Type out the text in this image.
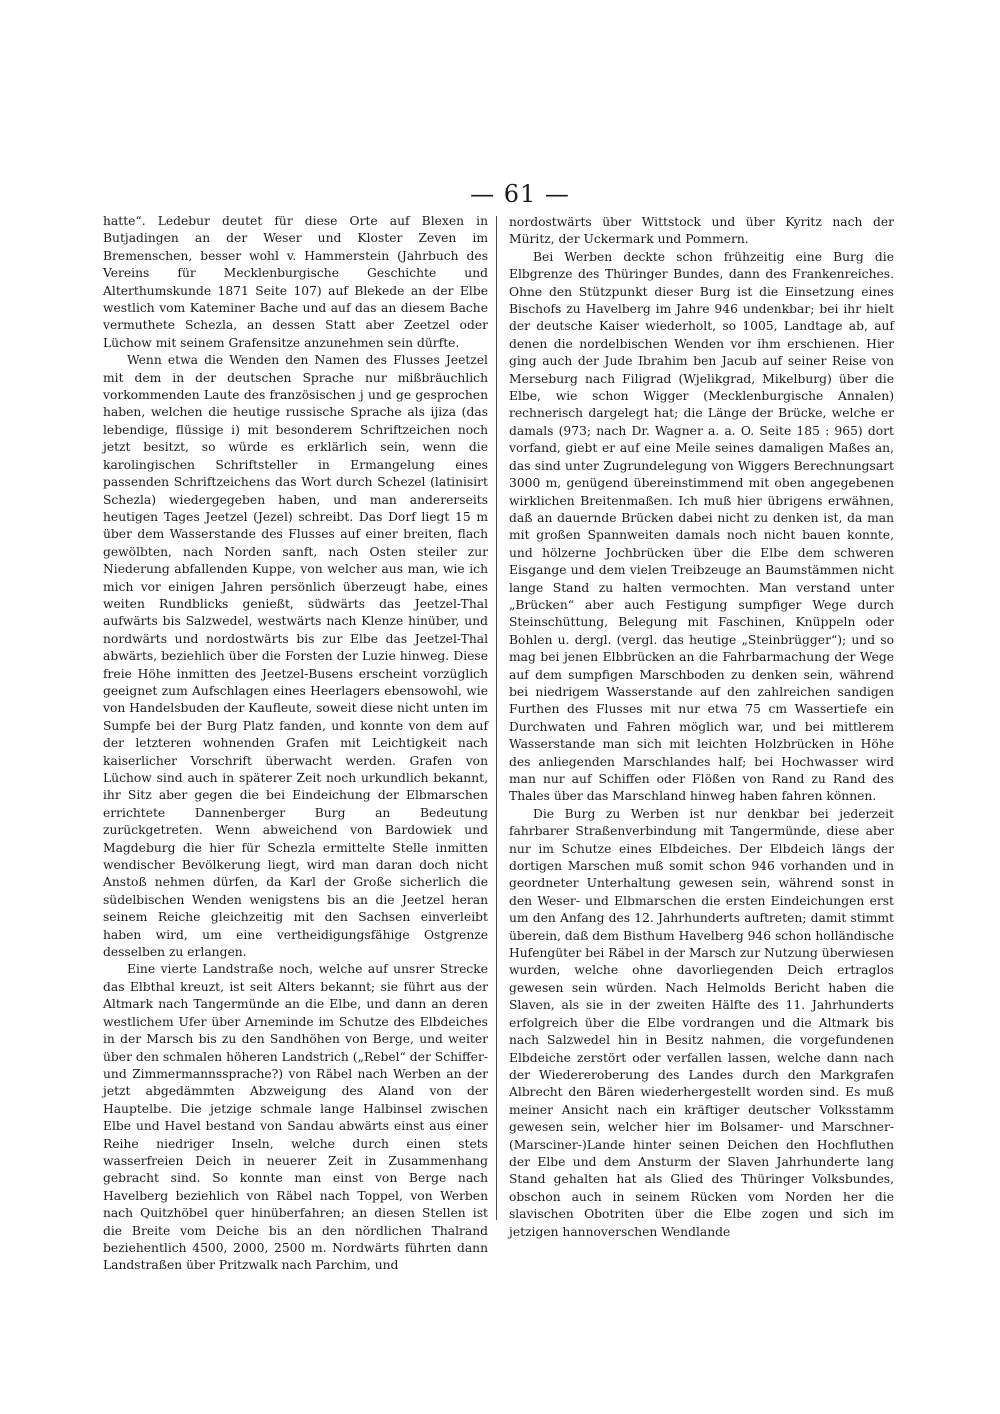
— 61 —

hatte“. Ledebur deutet für diese Orte auf Blexen in Butjadingen an der Weser und Kloster Zeven im Bremenschen, besser wohl v. Hammerstein (Jahrbuch des Vereins für Mecklenburgische Geschichte und Alterthumskunde 1871 Seite 107) auf Blekede an der Elbe westlich vom Kateminer Bache und auf das an diesem Bache vermuthete Schezla, an dessen Statt aber Zeetzel oder Lüchow mit seinem Grafensitze anzunehmen sein dürfte.

Wenn etwa die Wenden den Namen des Flusses Jeetzel mit dem in der deutschen Sprache nur mißbräuchlich vorkommenden Laute des französischen j und ge gesprochen haben, welchen die heutige russische Sprache als ijiza (das lebendige, flüssige i) mit besonderem Schriftzeichen noch jetzt besitzt, so würde es erklärlich sein, wenn die karolingischen Schriftsteller in Ermangelung eines passenden Schriftzeichens das Wort durch Schezel (latinisirt Schezla) wiedergegeben haben, und man andererseits heutigen Tages Jeetzel (Jezel) schreibt. Das Dorf liegt 15 m über dem Wasserstande des Flusses auf einer breiten, flach gewölbten, nach Norden sanft, nach Osten steiler zur Niederung abfallenden Kuppe, von welcher aus man, wie ich mich vor einigen Jahren persönlich überzeugt habe, eines weiten Rundblicks genießt, südwärts das Jeetzel-Thal aufwärts bis Salzwedel, westwärts nach Klenze hinüber, und nordwärts und nordostwärts bis zur Elbe das Jeetzel-Thal abwärts, beziehlich über die Forsten der Luzie hinweg. Diese freie Höhe inmitten des Jeetzel-Busens erscheint vorzüglich geeignet zum Aufschlagen eines Heerlagers ebensowohl, wie von Handelsbuden der Kaufleute, soweit diese nicht unten im Sumpfe bei der Burg Platz fanden, und konnte von dem auf der letzteren wohnenden Grafen mit Leichtigkeit nach kaiserlicher Vorschrift überwacht werden. Grafen von Lüchow sind auch in späterer Zeit noch urkundlich bekannt, ihr Sitz aber gegen die bei Eindeichung der Elbmarschen errichtete Dannenberger Burg an Bedeutung zurückgetreten. Wenn abweichend von Bardowiek und Magdeburg die hier für Schezla ermittelte Stelle inmitten wendischer Bevölkerung liegt, wird man daran doch nicht Anstoß nehmen dürfen, da Karl der Große sicherlich die südelbischen Wenden wenigstens bis an die Jeetzel heran seinem Reiche gleichzeitig mit den Sachsen einverleibt haben wird, um eine vertheidigungsfähige Ostgrenze desselben zu erlangen.

Eine vierte Landstraße noch, welche auf unsrer Strecke das Elbthal kreuzt, ist seit Alters bekannt; sie führt aus der Altmark nach Tangermünde an die Elbe, und dann an deren westlichem Ufer über Arneminde im Schutze des Elbdeiches in der Marsch bis zu den Sandhöhen von Berge, und weiter über den schmalen höheren Landstrich („Rebel“ der Schiffer- und Zimmermannssprache?) von Räbel nach Werben an der jetzt abgedämmten Abzweigung des Aland von der Hauptelbe. Die jetzige schmale lange Halbinsel zwischen Elbe und Havel bestand von Sandau abwärts einst aus einer Reihe niedriger Inseln, welche durch einen stets wasserfreien Deich in neuerer Zeit in Zusammenhang gebracht sind. So konnte man einst von Berge nach Havelberg beziehlich von Räbel nach Toppel, von Werben nach Quitzhöbel quer hinüberfahren; an diesen Stellen ist die Breite vom Deiche bis an den nördlichen Thalrand beziehentlich 4500, 2000, 2500 m. Nordwärts führten dann Landstraßen über Pritzwalk nach Parchim, und

nordostwärts über Wittstock und über Kyritz nach der Müritz, der Uckermark und Pommern.

Bei Werben deckte schon frühzeitig eine Burg die Elbgrenze des Thüringer Bundes, dann des Frankenreiches. Ohne den Stützpunkt dieser Burg ist die Einsetzung eines Bischofs zu Havelberg im Jahre 946 undenkbar; bei ihr hielt der deutsche Kaiser wiederholt, so 1005, Landtage ab, auf denen die nordelbischen Wenden vor ihm erschienen. Hier ging auch der Jude Ibrahim ben Jacub auf seiner Reise von Merseburg nach Filigrad (Wjelikgrad, Mikelburg) über die Elbe, wie schon Wigger (Mecklenburgische Annalen) rechnerisch dargelegt hat; die Länge der Brücke, welche er damals (973; nach Dr. Wagner a. a. O. Seite 185 : 965) dort vorfand, giebt er auf eine Meile seines damaligen Maßes an, das sind unter Zugrundelegung von Wiggers Berechnungsart 3000 m, genügend übereinstimmend mit oben angegebenen wirklichen Breitenmaßen. Ich muß hier übrigens erwähnen, daß an dauernde Brücken dabei nicht zu denken ist, da man mit großen Spannweiten damals noch nicht bauen konnte, und hölzerne Jochbrücken über die Elbe dem schweren Eisgange und dem vielen Treibzeuge an Baumstämmen nicht lange Stand zu halten vermochten. Man verstand unter „Brücken“ aber auch Festigung sumpfiger Wege durch Steinschüttung, Belegung mit Faschinen, Knüppeln oder Bohlen u. dergl. (vergl. das heutige „Steinbrügger“); und so mag bei jenen Elbbrücken an die Fahrbarmachung der Wege auf dem sumpfigen Marschboden zu denken sein, während bei niedrigem Wasserstande auf den zahlreichen sandigen Furthen des Flusses mit nur etwa 75 cm Wassertiefe ein Durchwaten und Fahren möglich war, und bei mittlerem Wasserstande man sich mit leichten Holzbrücken in Höhe des anliegenden Marschlandes half; bei Hochwasser wird man nur auf Schiffen oder Flößen von Rand zu Rand des Thales über das Marschland hinweg haben fahren können.

Die Burg zu Werben ist nur denkbar bei jederzeit fahrbarer Straßenverbindung mit Tangermünde, diese aber nur im Schutze eines Elbdeiches. Der Elbdeich längs der dortigen Marschen muß somit schon 946 vorhanden und in geordneter Unterhaltung gewesen sein, während sonst in den Weser- und Elbmarschen die ersten Eindeichungen erst um den Anfang des 12. Jahrhunderts auftreten; damit stimmt überein, daß dem Bisthum Havelberg 946 schon holländische Hufengüter bei Räbel in der Marsch zur Nutzung überwiesen wurden, welche ohne davorliegenden Deich ertraglos gewesen sein würden. Nach Helmolds Bericht haben die Slaven, als sie in der zweiten Hälfte des 11. Jahrhunderts erfolgreich über die Elbe vordrangen und die Altmark bis nach Salzwedel hin in Besitz nahmen, die vorgefundenen Elbdeiche zerstört oder verfallen lassen, welche dann nach der Wiedereroberung des Landes durch den Markgrafen Albrecht den Bären wiederhergestellt worden sind. Es muß meiner Ansicht nach ein kräftiger deutscher Volksstamm gewesen sein, welcher hier im Bolsamer- und Marschner-(Marsciner-)Lande hinter seinen Deichen den Hochfluthen der Elbe und dem Ansturm der Slaven Jahrhunderte lang Stand gehalten hat als Glied des Thüringer Volksbundes, obschon auch in seinem Rücken vom Norden her die slavischen Obotriten über die Elbe zogen und sich im jetzigen hannoverschen Wendlande
